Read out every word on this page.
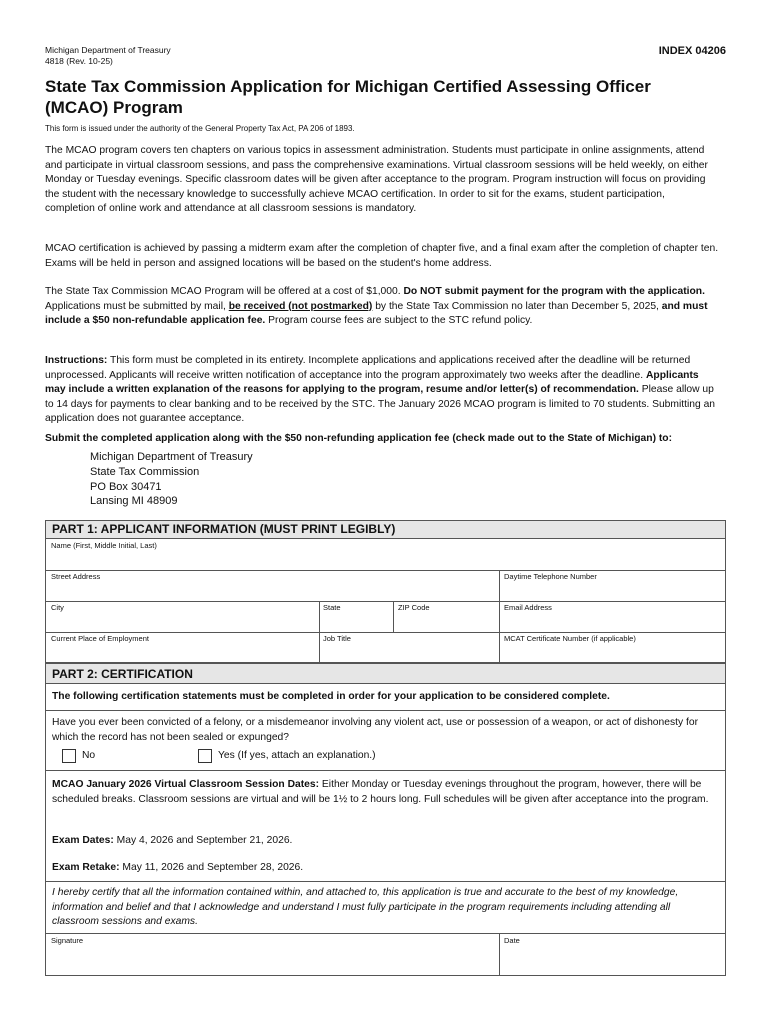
Michigan Department of Treasury
4818 (Rev. 10-25)
INDEX 04206
State Tax Commission Application for Michigan Certified Assessing Officer
(MCAO) Program
This form is issued under the authority of the General Property Tax Act, PA 206 of 1893.
The MCAO program covers ten chapters on various topics in assessment administration. Students must participate in online assignments, attend and participate in virtual classroom sessions, and pass the comprehensive examinations. Virtual classroom sessions will be held weekly, on either Monday or Tuesday evenings. Specific classroom dates will be given after acceptance to the program. Program instruction will focus on providing the student with the necessary knowledge to successfully achieve MCAO certification. In order to sit for the exams, student participation, completion of online work and attendance at all classroom sessions is mandatory.
MCAO certification is achieved by passing a midterm exam after the completion of chapter five, and a final exam after the completion of chapter ten. Exams will be held in person and assigned locations will be based on the student's home address.
The State Tax Commission MCAO Program will be offered at a cost of $1,000. Do NOT submit payment for the program with the application. Applications must be submitted by mail, be received (not postmarked) by the State Tax Commission no later than December 5, 2025, and must include a $50 non-refundable application fee. Program course fees are subject to the STC refund policy.
Instructions: This form must be completed in its entirety. Incomplete applications and applications received after the deadline will be returned unprocessed. Applicants will receive written notification of acceptance into the program approximately two weeks after the deadline. Applicants may include a written explanation of the reasons for applying to the program, resume and/or letter(s) of recommendation. Please allow up to 14 days for payments to clear banking and to be received by the STC. The January 2026 MCAO program is limited to 70 students. Submitting an application does not guarantee acceptance.
Submit the completed application along with the $50 non-refunding application fee (check made out to the State of Michigan) to:
Michigan Department of Treasury
State Tax Commission
PO Box 30471
Lansing MI 48909
PART 1: APPLICANT INFORMATION (MUST PRINT LEGIBLY)
Name (First, Middle Initial, Last)
Street Address	Daytime Telephone Number
City	State	ZIP Code	Email Address
Current Place of Employment	Job Title	MCAT Certificate Number (if applicable)
PART 2: CERTIFICATION
The following certification statements must be completed in order for your application to be considered complete.
Have you ever been convicted of a felony, or a misdemeanor involving any violent act, use or possession of a weapon, or act of dishonesty for which the record has not been sealed or expunged?
No	Yes (If yes, attach an explanation.)
MCAO January 2026 Virtual Classroom Session Dates: Either Monday or Tuesday evenings throughout the program, however, there will be scheduled breaks. Classroom sessions are virtual and will be 1½ to 2 hours long. Full schedules will be given after acceptance into the program.
Exam Dates: May 4, 2026 and September 21, 2026.
Exam Retake: May 11, 2026 and September 28, 2026.
I hereby certify that all the information contained within, and attached to, this application is true and accurate to the best of my knowledge, information and belief and that I acknowledge and understand I must fully participate in the program requirements including attending all classroom sessions and exams.
Signature	Date
